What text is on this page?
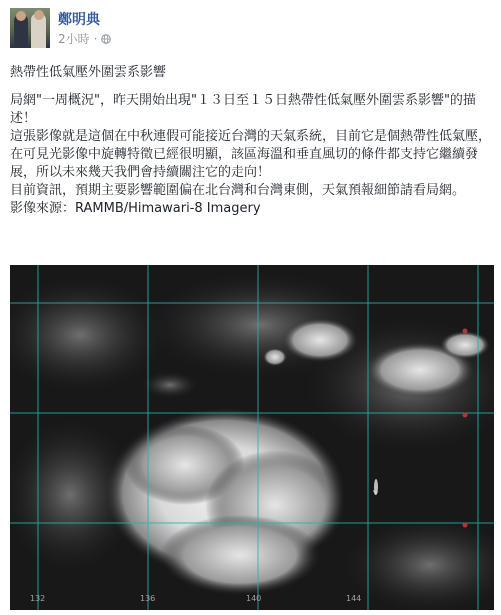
鄭明典
2小時 ·

熱帶性低氣壓外圍雲系影響

局網"一周概況"，昨天開始出現"１３日至１５日熱帶性低氣壓外圍雲系影響"的描述！

這張影像就是這個在中秋連假可能接近台灣的天氣系統，目前它是個熱帶性低氣壓，在可見光影像中旋轉特徵已經很明顯，該區海溫和垂直風切的條件都支持它繼續發展，所以未來幾天我們會持續關注它的走向！

目前資訊，預期主要影響範圍偏在北台灣和台灣東側，天氣預報細節請看局網。

影像來源：RAMMB/Himawari-8 Imagery

132	136	144
140
